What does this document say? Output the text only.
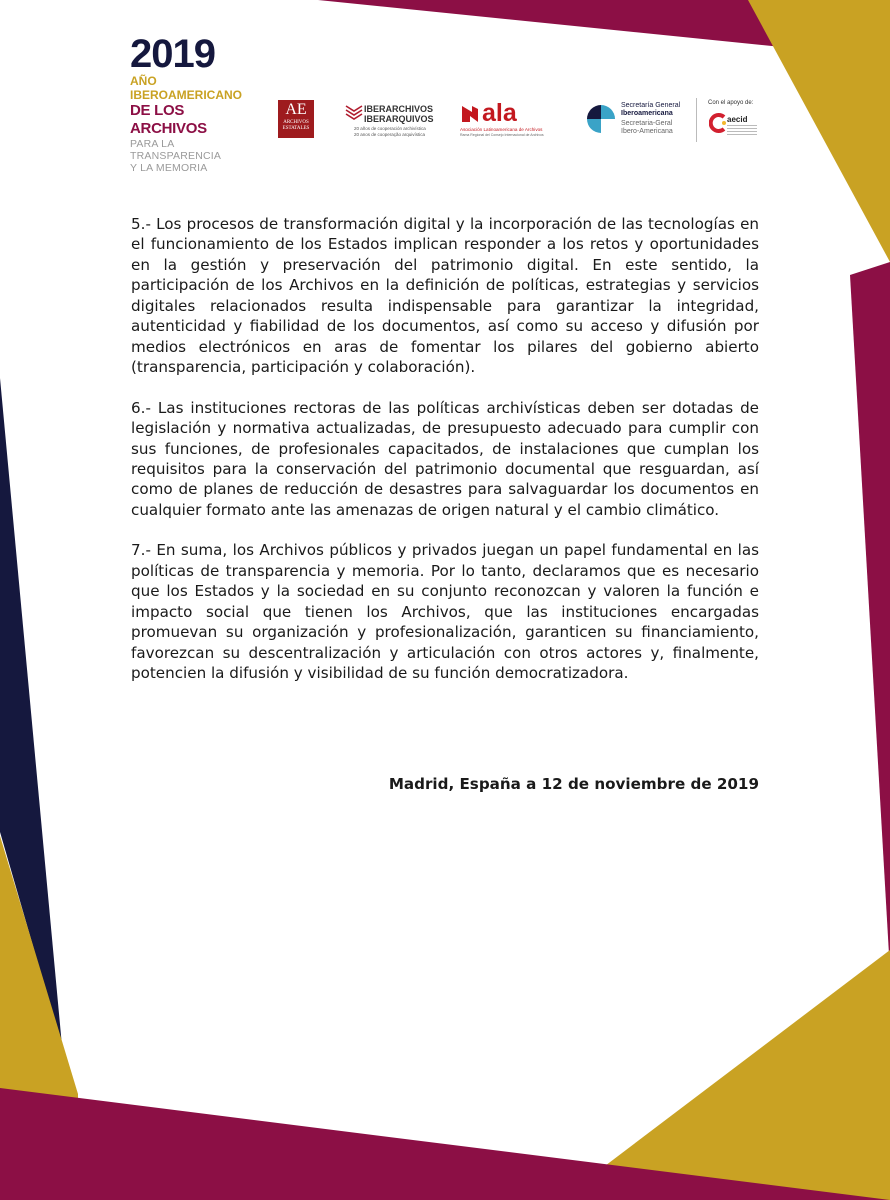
2019
AÑO IBEROAMERICANO
DE LOS ARCHIVOS
PARA LA TRANSPARENCIA
Y LA MEMORIA
AE
ARCHIVOS ESTATALES
IBERARCHIVOS
IBERARQUIVOS
20 años de cooperación archivística
20 anos de cooperação arquivística
ala
Asociación Latinoamericana de Archivos
Rama Regional del Consejo Internacional de Archivos
Secretaría General
Iberoamericana
Secretaria-Geral
Ibero-Americana
Con el apoyo de:
aecid

5.- Los procesos de transformación digital y la incorporación de las tecnologías en el funcionamiento de los Estados implican responder a los retos y oportunidades en la gestión y preservación del patrimonio digital. En este sentido, la participación de los Archivos en la definición de políticas, estrategias y servicios digitales relacionados resulta indispensable para garantizar la integridad, autenticidad y fiabilidad de los documentos, así como su acceso y difusión por medios electrónicos en aras de fomentar los pilares del gobierno abierto (transparencia, participación y colaboración).

6.- Las instituciones rectoras de las políticas archivísticas deben ser dotadas de legislación y normativa actualizadas, de presupuesto adecuado para cumplir con sus funciones, de profesionales capacitados, de instalaciones que cumplan los requisitos para la conservación del patrimonio documental que resguardan, así como de planes de reducción de desastres para salvaguardar los documentos en cualquier formato ante las amenazas de origen natural y el cambio climático.

7.- En suma, los Archivos públicos y privados juegan un papel fundamental en las políticas de transparencia y memoria. Por lo tanto, declaramos que es necesario que los Estados y la sociedad en su conjunto reconozcan y valoren la función e impacto social que tienen los Archivos, que las instituciones encargadas promuevan su organización y profesionalización, garanticen su financiamiento, favorezcan su descentralización y articulación con otros actores y, finalmente, potencien la difusión y visibilidad de su función democratizadora.

Madrid, España a 12 de noviembre de 2019
